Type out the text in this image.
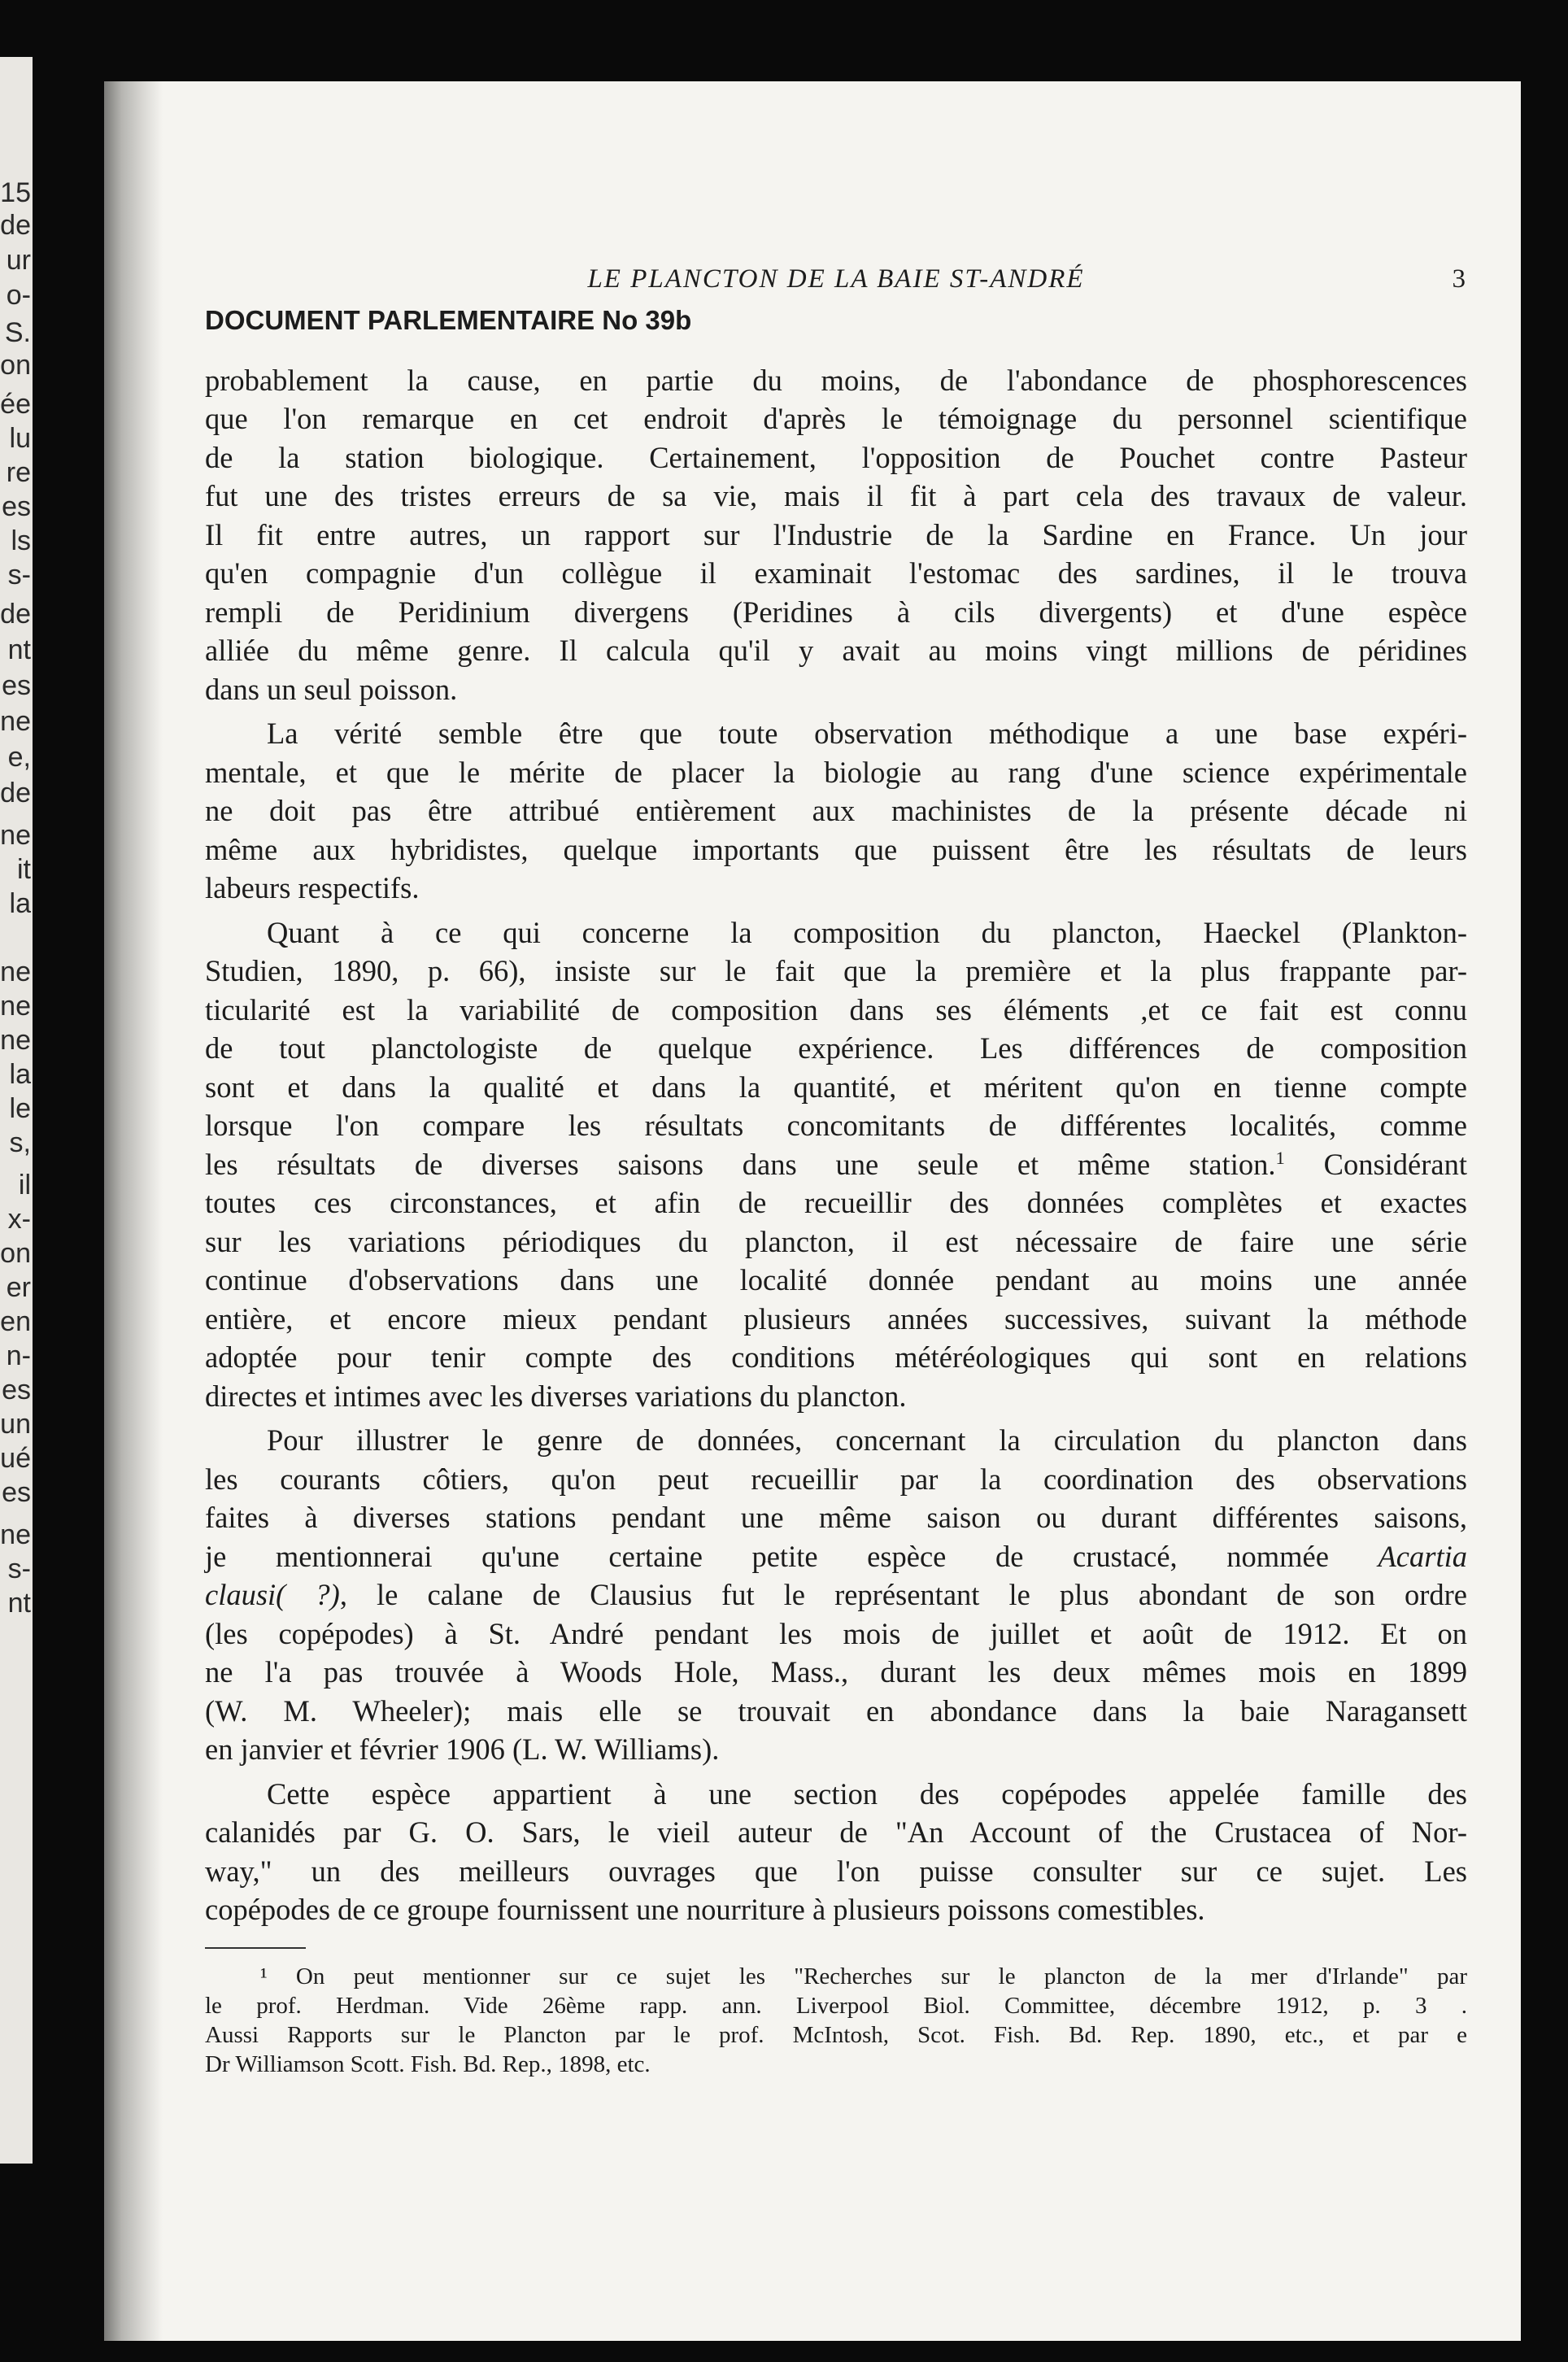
15
de
ur
o-
S.
on
ée
lu
re
es
ls
s-
de
nt
es
ne
e,
de
ne
it
la
ne
ne
ne
la
le
s,
il
x-
on
er
en
n-
es
un
ué
es
ne
s-
nt
LE PLANCTON DE LA BAIE ST-ANDRÉ	3
DOCUMENT PARLEMENTAIRE No 39b
probablement la cause, en partie du moins, de l'abondance de phosphorescences
que l'on remarque en cet endroit d'après le témoignage du personnel scientifique
de la station biologique. Certainement, l'opposition de Pouchet contre Pasteur
fut une des tristes erreurs de sa vie, mais il fit à part cela des travaux de valeur.
Il fit entre autres, un rapport sur l'Industrie de la Sardine en France. Un jour
qu'en compagnie d'un collègue il examinait l'estomac des sardines, il le trouva
rempli de Peridinium divergens (Peridines à cils divergents) et d'une espèce
alliée du même genre. Il calcula qu'il y avait au moins vingt millions de péridines
dans un seul poisson.
La vérité semble être que toute observation méthodique a une base expéri-
mentale, et que le mérite de placer la biologie au rang d'une science expérimentale
ne doit pas être attribué entièrement aux machinistes de la présente décade ni
même aux hybridistes, quelque importants que puissent être les résultats de leurs
labeurs respectifs.
Quant à ce qui concerne la composition du plancton, Haeckel (Plankton-
Studien, 1890, p. 66), insiste sur le fait que la première et la plus frappante par-
ticularité est la variabilité de composition dans ses éléments ,et ce fait est connu
de tout planctologiste de quelque expérience. Les différences de composition
sont et dans la qualité et dans la quantité, et méritent qu'on en tienne compte
lorsque l'on compare les résultats concomitants de différentes localités, comme
les résultats de diverses saisons dans une seule et même station.$^1$ Considérant
toutes ces circonstances, et afin de recueillir des données complètes et exactes
sur les variations périodiques du plancton, il est nécessaire de faire une série
continue d'observations dans une localité donnée pendant au moins une année
entière, et encore mieux pendant plusieurs années successives, suivant la méthode
adoptée pour tenir compte des conditions météréologiques qui sont en relations
directes et intimes avec les diverses variations du plancton.
Pour illustrer le genre de données, concernant la circulation du plancton dans
les courants côtiers, qu'on peut recueillir par la coordination des observations
faites à diverses stations pendant une même saison ou durant différentes saisons,
je mentionnerai qu'une certaine petite espèce de crustacé, nommée Acartia
clausi( ?), le calane de Clausius fut le représentant le plus abondant de son ordre
(les copépodes) à St. André pendant les mois de juillet et août de 1912. Et on
ne l'a pas trouvée à Woods Hole, Mass., durant les deux mêmes mois en 1899
(W. M. Wheeler); mais elle se trouvait en abondance dans la baie Naragansett
en janvier et février 1906 (L. W. Williams).
Cette espèce appartient à une section des copépodes appelée famille des
calanidés par G. O. Sars, le vieil auteur de "An Account of the Crustacea of Nor-
way," un des meilleurs ouvrages que l'on puisse consulter sur ce sujet. Les
copépodes de ce groupe fournissent une nourriture à plusieurs poissons comestibles.
¹ On peut mentionner sur ce sujet les "Recherches sur le plancton de la mer d'Irlande" par
le prof. Herdman. Vide 26ème rapp. ann. Liverpool Biol. Committee, décembre 1912, p. 3 .
Aussi Rapports sur le Plancton par le prof. McIntosh, Scot. Fish. Bd. Rep. 1890, etc., et par e
Dr Williamson Scott. Fish. Bd. Rep., 1898, etc.
